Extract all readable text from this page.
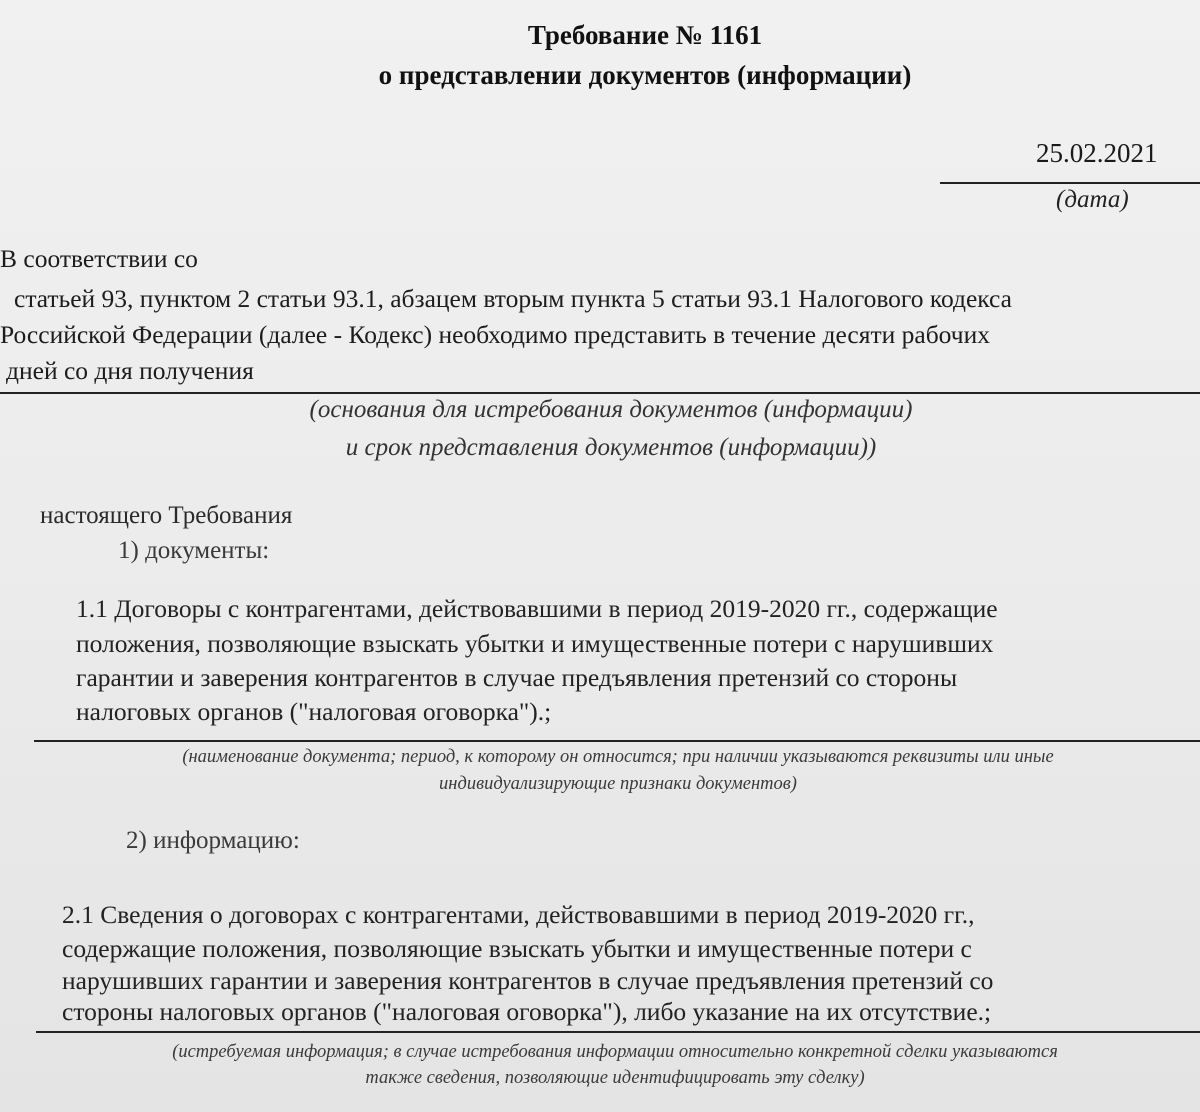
Требование № 1161
о представлении документов (информации)
25.02.2021
(дата)
В соответствии со
статьей 93, пунктом 2 статьи 93.1, абзацем вторым пункта 5 статьи 93.1 Налогового кодекса
Российской Федерации (далее - Кодекс) необходимо представить в течение десяти рабочих
дней со дня получения
(основания для истребования документов (информации)
и срок представления документов (информации))
настоящего Требования
1) документы:
1.1 Договоры с контрагентами, действовавшими в период 2019-2020 гг., содержащие
положения, позволяющие взыскать убытки и имущественные потери с нарушивших
гарантии и заверения контрагентов в случае предъявления претензий со стороны
налоговых органов ("налоговая оговорка").;
(наименование документа; период, к которому он относится; при наличии указываются реквизиты или иные
индивидуализирующие признаки документов)
2) информацию:
2.1 Сведения о договорах с контрагентами, действовавшими в период 2019-2020 гг.,
содержащие положения, позволяющие взыскать убытки и имущественные потери с
нарушивших гарантии и заверения контрагентов в случае предъявления претензий со
стороны налоговых органов ("налоговая оговорка"), либо указание на их отсутствие.;
(истребуемая информация; в случае истребования информации относительно конкретной сделки указываются
также сведения, позволяющие идентифицировать эту сделку)
